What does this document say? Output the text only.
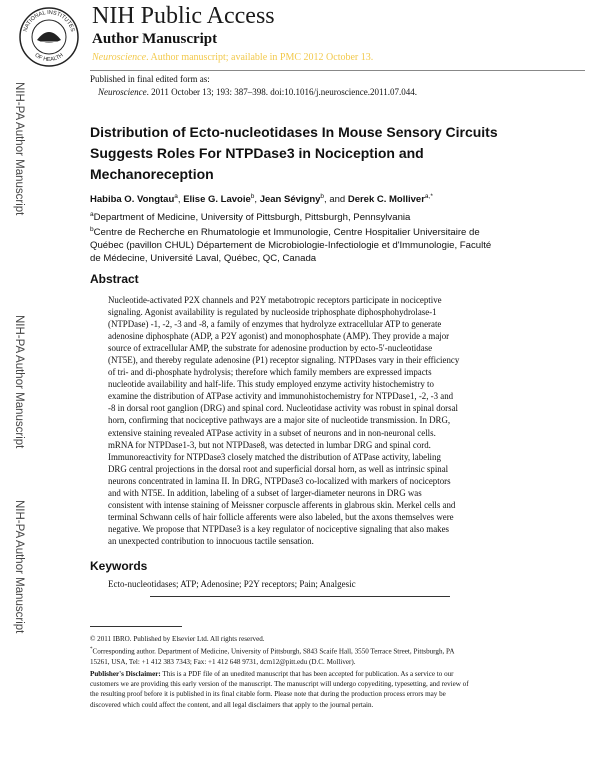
NATIONAL INSTITUTES
OF HEALTH
NIH Public Access
Author Manuscript
Neuroscience. Author manuscript; available in PMC 2012 October 13.
Published in final edited form as:
Neuroscience. 2011 October 13; 193: 387–398. doi:10.1016/j.neuroscience.2011.07.044.
NIH-PA Author Manuscript
NIH-PA Author Manuscript
NIH-PA Author Manuscript
Distribution of Ecto-nucleotidases In Mouse Sensory Circuits
Suggests Roles For NTPDase3 in Nociception and
Mechanoreception
Habiba O. Vongtau$^a$, Elise G. Lavoie$^b$, Jean Sévigny$^b$, and Derek C. Molliver$^{a,*}$
$^a$Department of Medicine, University of Pittsburgh, Pittsburgh, Pennsylvania
$^b$Centre de Recherche en Rhumatologie et Immunologie, Centre Hospitalier Universitaire de
Québec (pavillon CHUL) Département de Microbiologie-Infectiologie et d'Immunologie, Faculté
de Médecine, Université Laval, Québec, QC, Canada
Abstract
Nucleotide-activated P2X channels and P2Y metabotropic receptors participate in nociceptive
signaling. Agonist availability is regulated by nucleoside triphosphate diphosphohydrolase-1
(NTPDase) -1, -2, -3 and -8, a family of enzymes that hydrolyze extracellular ATP to generate
adenosine diphosphate (ADP, a P2Y agonist) and monophosphate (AMP). They provide a major
source of extracellular AMP, the substrate for adenosine production by ecto-5′-nucleotidase
(NT5E), and thereby regulate adenosine (P1) receptor signaling. NTPDases vary in their efficiency
of tri- and di-phosphate hydrolysis; therefore which family members are expressed impacts
nucleotide availability and half-life. This study employed enzyme activity histochemistry to
examine the distribution of ATPase activity and immunohistochemistry for NTPDase1, -2, -3 and
-8 in dorsal root ganglion (DRG) and spinal cord. Nucleotidase activity was robust in spinal dorsal
horn, confirming that nociceptive pathways are a major site of nucleotide transmission. In DRG,
extensive staining revealed ATPase activity in a subset of neurons and in non-neuronal cells.
mRNA for NTPDase1-3, but not NTPDase8, was detected in lumbar DRG and spinal cord.
Immunoreactivity for NTPDase3 closely matched the distribution of ATPase activity, labeling
DRG central projections in the dorsal root and superficial dorsal horn, as well as intrinsic spinal
neurons concentrated in lamina II. In DRG, NTPDase3 co-localized with markers of nociceptors
and with NT5E. In addition, labeling of a subset of larger-diameter neurons in DRG was
consistent with intense staining of Meissner corpuscle afferents in glabrous skin. Merkel cells and
terminal Schwann cells of hair follicle afferents were also labeled, but the axons themselves were
negative. We propose that NTPDase3 is a key regulator of nociceptive signaling that also makes
an unexpected contribution to innocuous tactile sensation.
Keywords
Ecto-nucleotidases; ATP; Adenosine; P2Y receptors; Pain; Analgesic
© 2011 IBRO. Published by Elsevier Ltd. All rights reserved.
*Corresponding author. Department of Medicine, University of Pittsburgh, S843 Scaife Hall, 3550 Terrace Street, Pittsburgh, PA
15261, USA, Tel: +1 412 383 7343; Fax: +1 412 648 9731, dcm12@pitt.edu (D.C. Molliver).
Publisher's Disclaimer: This is a PDF file of an unedited manuscript that has been accepted for publication. As a service to our
customers we are providing this early version of the manuscript. The manuscript will undergo copyediting, typesetting, and review of
the resulting proof before it is published in its final citable form. Please note that during the production process errors may be
discovered which could affect the content, and all legal disclaimers that apply to the journal pertain.
